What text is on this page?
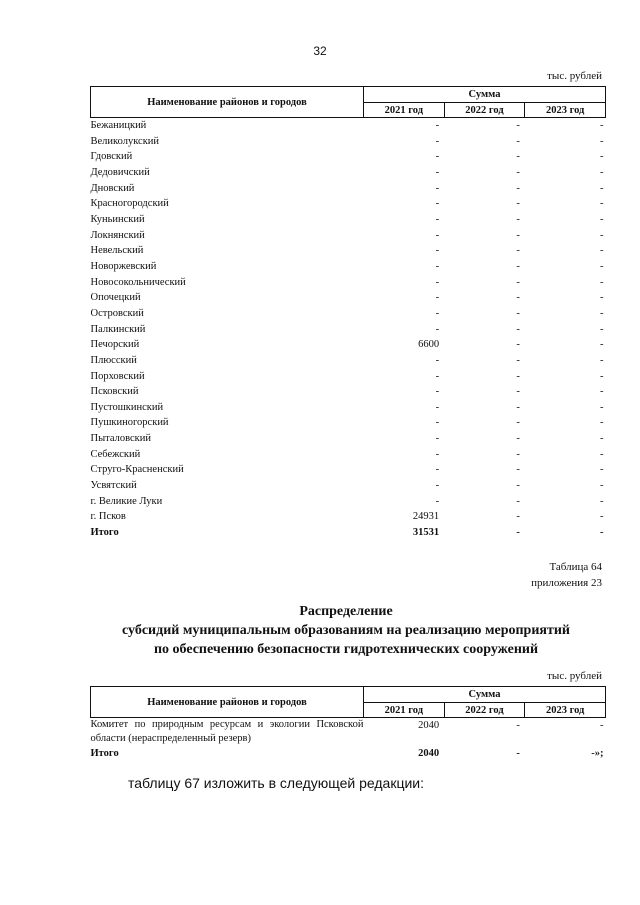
32
тыс. рублей
Наименование районов и городов	Сумма		
	2021 год	2022 год	2023 год
Бежаницкий	-	-	-
Великолукский	-	-	-
Гдовский	-	-	-
Дедовичский	-	-	-
Дновский	-	-	-
Красногородский	-	-	-
Куньинский	-	-	-
Локнянский	-	-	-
Невельский	-	-	-
Новоржевский	-	-	-
Новосокольнический	-	-	-
Опочецкий	-	-	-
Островский	-	-	-
Палкинский	-	-	-
Печорский	6600	-	-
Плюсский	-	-	-
Порховский	-	-	-
Псковский	-	-	-
Пустошкинский	-	-	-
Пушкиногорский	-	-	-
Пыталовский	-	-	-
Себежский	-	-	-
Струго-Красненский	-	-	-
Усвятский	-	-	-
г. Великие Луки	-	-	-
г. Псков	24931	-	-
Итого	31531	-	-
Таблица 64
приложения 23
Распределение
субсидий муниципальным образованиям на реализацию мероприятий
по обеспечению безопасности гидротехнических сооружений
тыс. рублей
Наименование районов и городов	Сумма		
	2021 год	2022 год	2023 год
Комитет по природным ресурсам и экологии Псковской области (нераспределенный резерв)	2040	-	-
Итого	2040	-	-»;
таблицу 67 изложить в следующей редакции:
